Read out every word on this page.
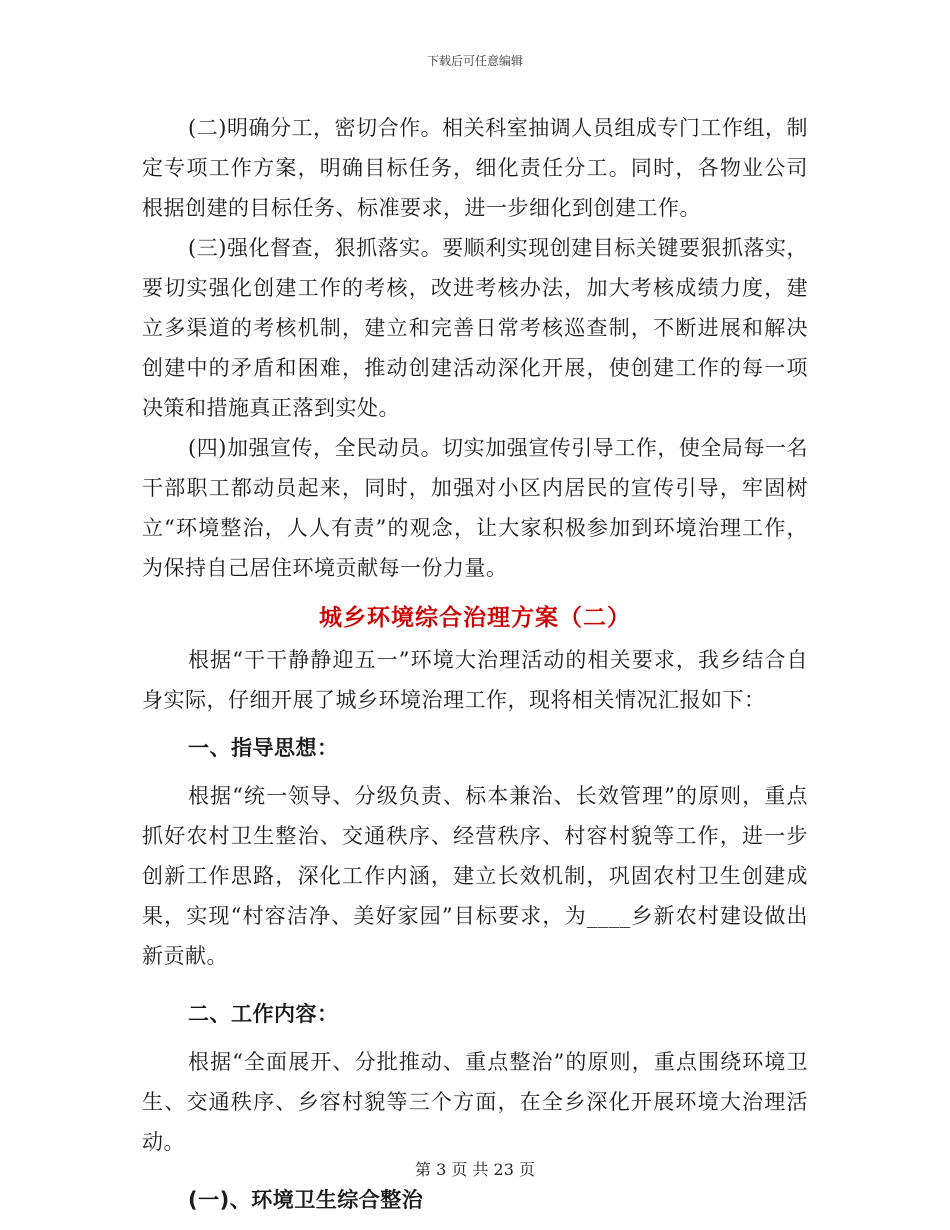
下载后可任意编辑

(二)明确分工，密切合作。相关科室抽调人员组成专门工作组，制定专项工作方案，明确目标任务，细化责任分工。同时，各物业公司根据创建的目标任务、标准要求，进一步细化到创建工作。

(三)强化督查，狠抓落实。要顺利实现创建目标关键要狠抓落实，要切实强化创建工作的考核，改进考核办法，加大考核成绩力度，建立多渠道的考核机制，建立和完善日常考核巡查制，不断进展和解决创建中的矛盾和困难，推动创建活动深化开展，使创建工作的每一项决策和措施真正落到实处。

(四)加强宣传，全民动员。切实加强宣传引导工作，使全局每一名干部职工都动员起来，同时，加强对小区内居民的宣传引导，牢固树立“环境整治，人人有责”的观念，让大家积极参加到环境治理工作，为保持自己居住环境贡献每一份力量。

城乡环境综合治理方案（二）

根据“干干静静迎五一”环境大治理活动的相关要求，我乡结合自身实际，仔细开展了城乡环境治理工作，现将相关情况汇报如下：

一、指导思想：

根据“统一领导、分级负责、标本兼治、长效管理”的原则，重点抓好农村卫生整治、交通秩序、经营秩序、村容村貌等工作，进一步创新工作思路，深化工作内涵，建立长效机制，巩固农村卫生创建成果，实现“村容洁净、美好家园”目标要求，为____乡新农村建设做出新贡献。

二、工作内容：

根据“全面展开、分批推动、重点整治”的原则，重点围绕环境卫生、交通秩序、乡容村貌等三个方面，在全乡深化开展环境大治理活动。

(一)、环境卫生综合整治

第 3 页 共 23 页
